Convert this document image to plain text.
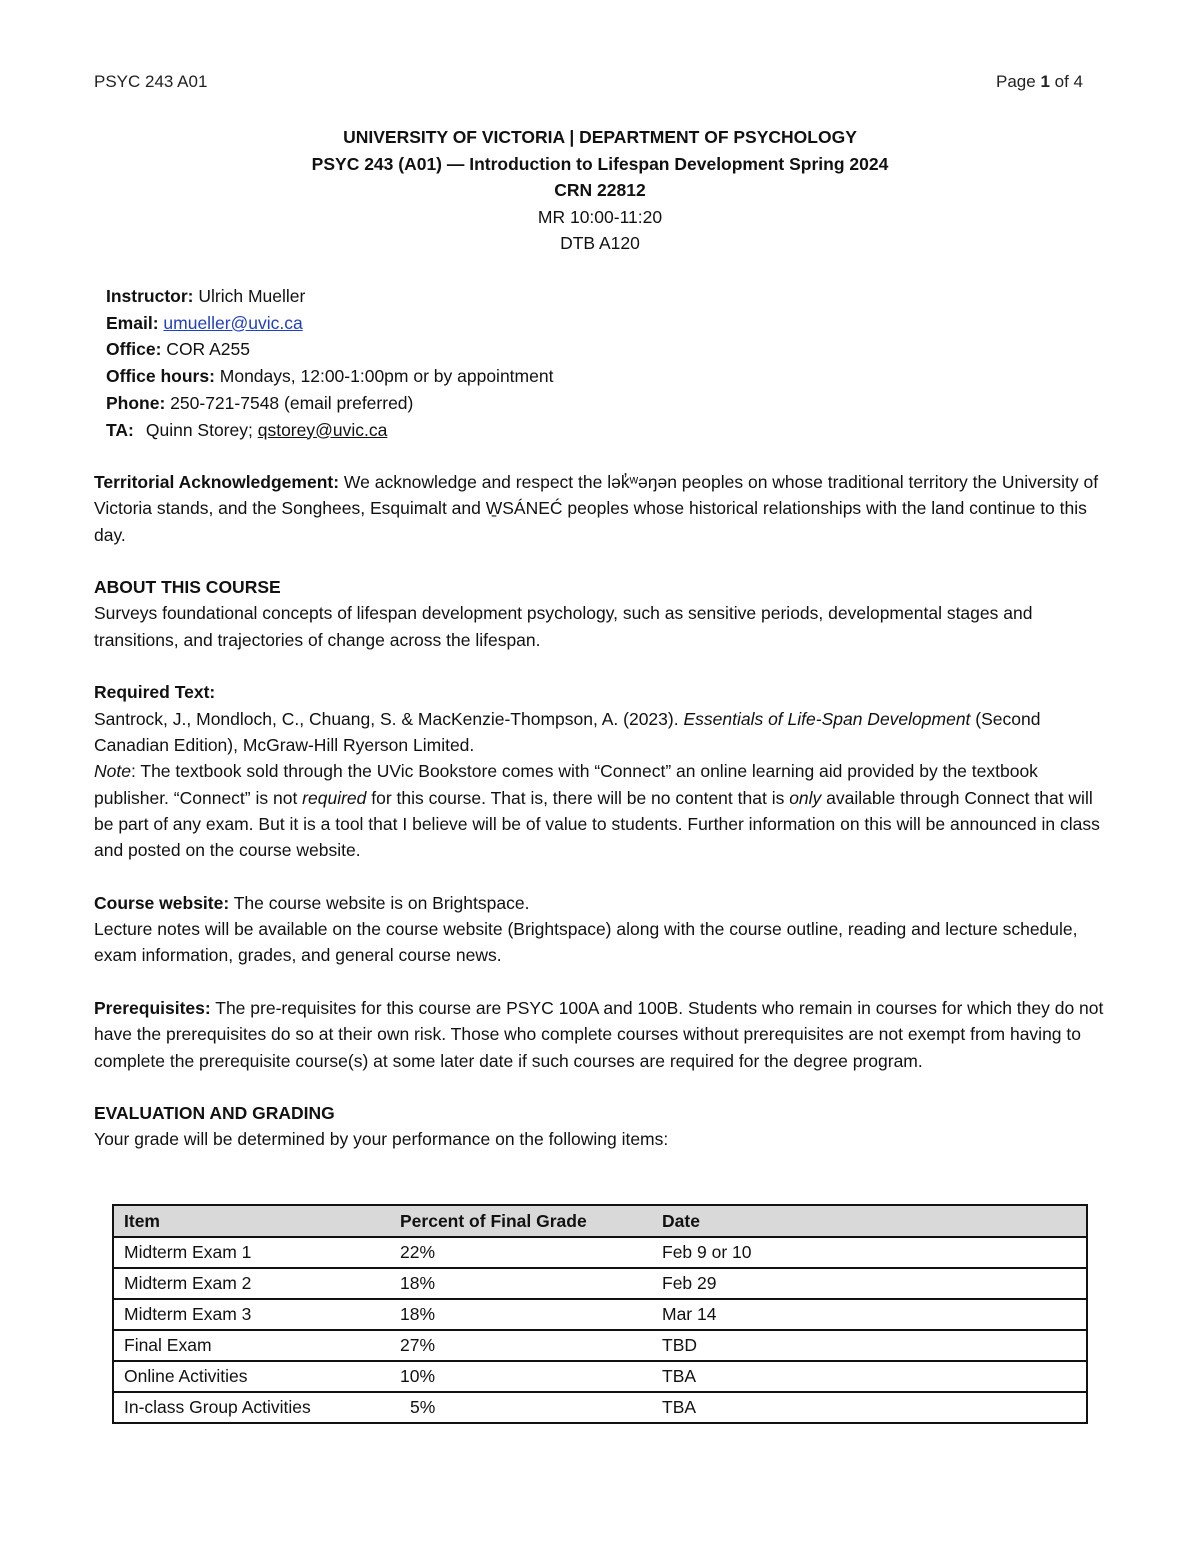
PSYC 243 A01	Page 1 of 4
UNIVERSITY OF VICTORIA | DEPARTMENT OF PSYCHOLOGY
PSYC 243 (A01) — Introduction to Lifespan Development Spring 2024
CRN 22812
MR 10:00-11:20
DTB A120
Instructor: Ulrich Mueller
Email: umueller@uvic.ca
Office: COR A255
Office hours: Mondays, 12:00-1:00pm or by appointment
Phone: 250-721-7548 (email preferred)
TA: Quinn Storey; qstorey@uvic.ca

Territorial Acknowledgement: We acknowledge and respect the lək̓ʷəŋən peoples on whose traditional territory the University of Victoria stands, and the Songhees, Esquimalt and W̱SÁNEĆ peoples whose historical relationships with the land continue to this day.

ABOUT THIS COURSE
Surveys foundational concepts of lifespan development psychology, such as sensitive periods, developmental stages and transitions, and trajectories of change across the lifespan.

Required Text:
Santrock, J., Mondloch, C., Chuang, S. & MacKenzie-Thompson, A. (2023). Essentials of Life-Span Development (Second Canadian Edition), McGraw-Hill Ryerson Limited.
Note: The textbook sold through the UVic Bookstore comes with “Connect” an online learning aid provided by the textbook publisher. “Connect” is not required for this course. That is, there will be no content that is only available through Connect that will be part of any exam. But it is a tool that I believe will be of value to students. Further information on this will be announced in class and posted on the course website.

Course website: The course website is on Brightspace.
Lecture notes will be available on the course website (Brightspace) along with the course outline, reading and lecture schedule, exam information, grades, and general course news.

Prerequisites: The pre-requisites for this course are PSYC 100A and 100B. Students who remain in courses for which they do not have the prerequisites do so at their own risk. Those who complete courses without prerequisites are not exempt from having to complete the prerequisite course(s) at some later date if such courses are required for the degree program.

EVALUATION AND GRADING
Your grade will be determined by your performance on the following items:

Item	Percent of Final Grade	Date
Midterm Exam 1	22%	Feb 9 or 10
Midterm Exam 2	18%	Feb 29
Midterm Exam 3	18%	Mar 14
Final Exam	27%	TBD
Online Activities	10%	TBA
In-class Group Activities	5%	TBA
